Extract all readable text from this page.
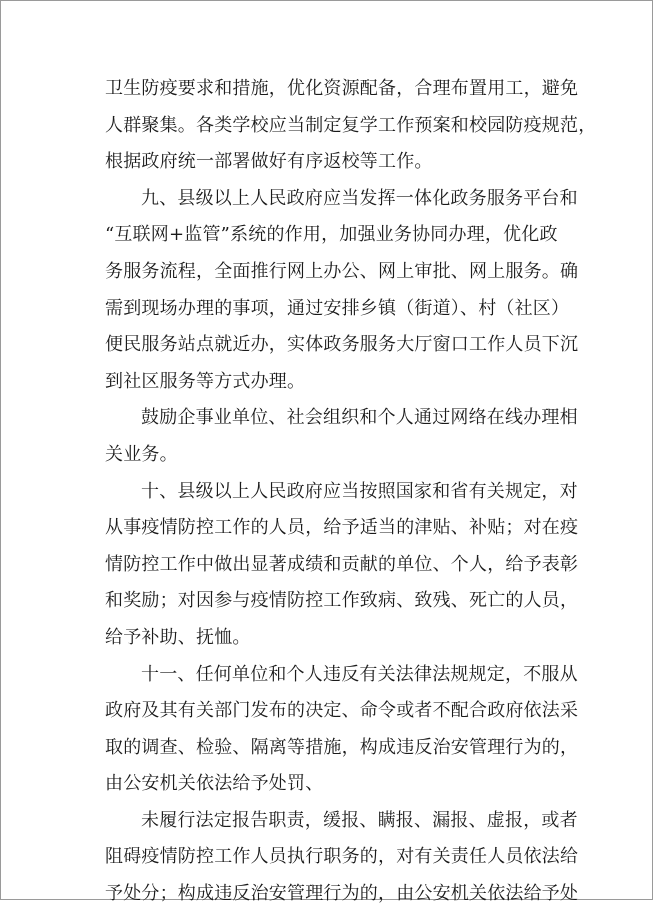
卫生防疫要求和措施，优化资源配备，合理布置用工，避免
人群聚集。各类学校应当制定复学工作预案和校园防疫规范，
根据政府统一部署做好有序返校等工作。
九、县级以上人民政府应当发挥一体化政务服务平台和
“互联网+监管”系统的作用，加强业务协同办理，优化政
务服务流程，全面推行网上办公、网上审批、网上服务。确
需到现场办理的事项，通过安排乡镇（街道）、村（社区）
便民服务站点就近办，实体政务服务大厅窗口工作人员下沉
到社区服务等方式办理。
鼓励企事业单位、社会组织和个人通过网络在线办理相
关业务。
十、县级以上人民政府应当按照国家和省有关规定，对
从事疫情防控工作的人员，给予适当的津贴、补贴；对在疫
情防控工作中做出显著成绩和贡献的单位、个人，给予表彰
和奖励；对因参与疫情防控工作致病、致残、死亡的人员，
给予补助、抚恤。
十一、任何单位和个人违反有关法律法规规定，不服从
政府及其有关部门发布的决定、命令或者不配合政府依法采
取的调查、检验、隔离等措施，构成违反治安管理行为的，
由公安机关依法给予处罚、
未履行法定报告职责，缓报、瞒报、漏报、虚报，或者
阻碍疫情防控工作人员执行职务的，对有关责任人员依法给
予处分；构成违反治安管理行为的，由公安机关依法给予处
